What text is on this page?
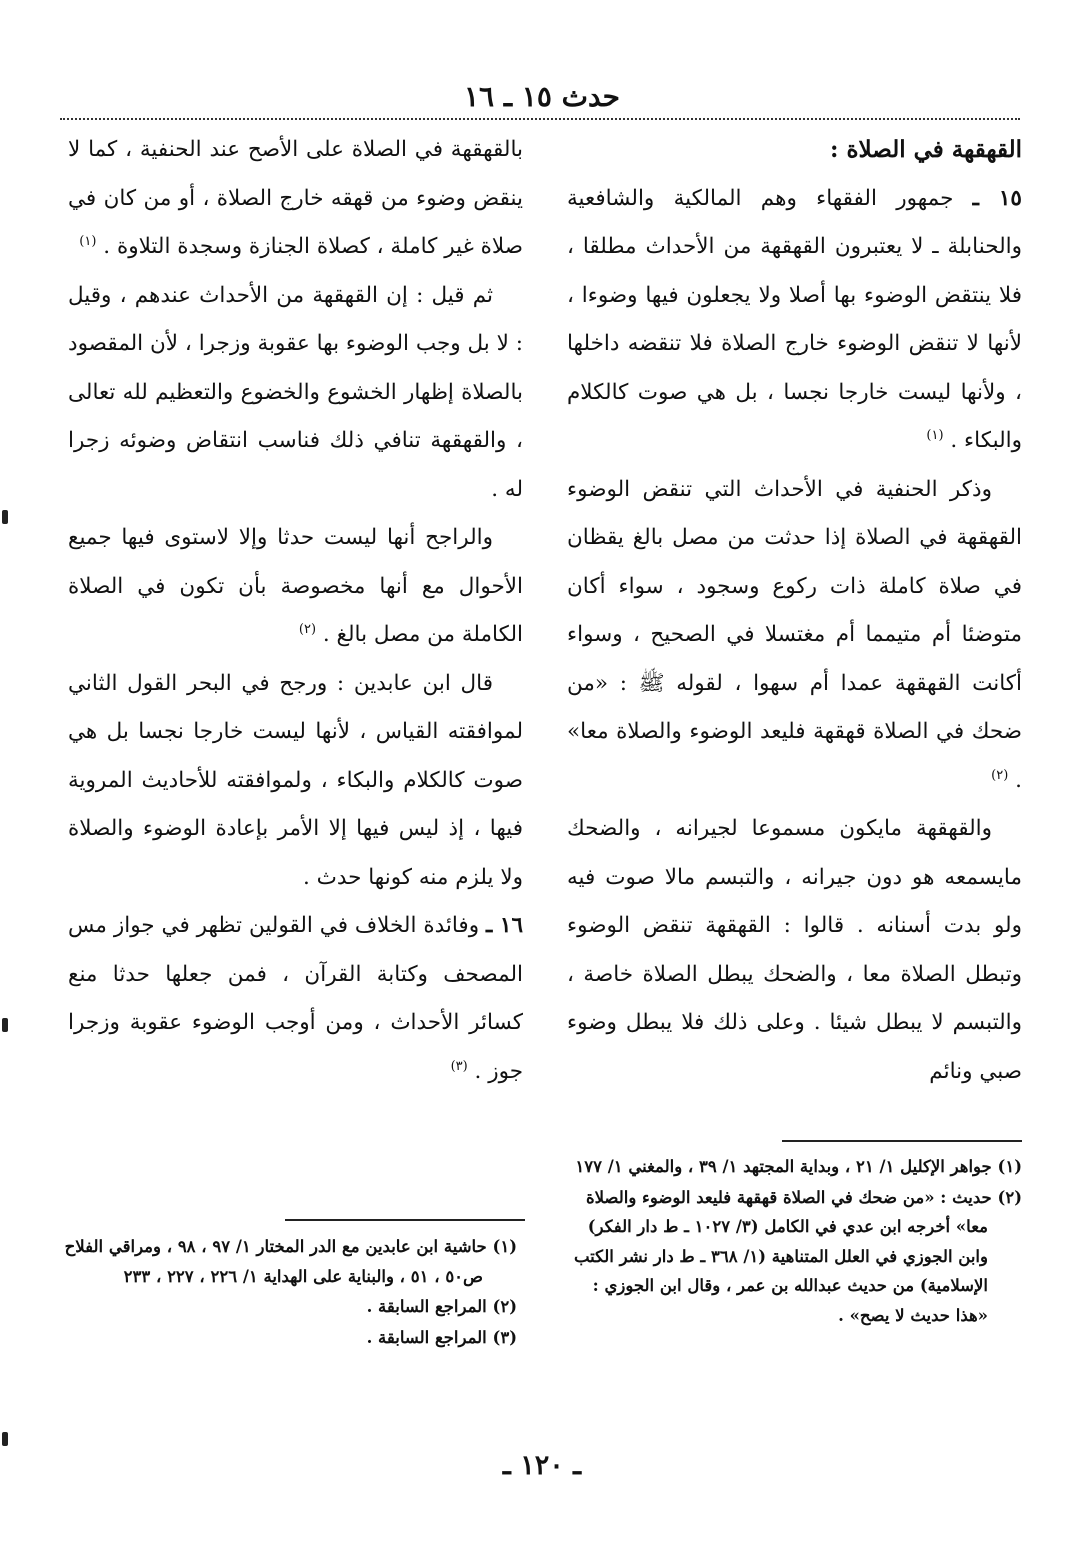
حدث ١٥ ـ ١٦

القهقهة في الصلاة :

١٥ ـ جمهور الفقهاء وهم المالكية والشافعية والحنابلة ـ لا يعتبرون القهقهة من الأحداث مطلقا ، فلا ينتقض الوضوء بها أصلا ولا يجعلون فيها وضوءا ، لأنها لا تنقض الوضوء خارج الصلاة فلا تنقضه داخلها ، ولأنها ليست خارجا نجسا ، بل هي صوت كالكلام والبكاء . $^{(١)}$

وذكر الحنفية في الأحداث التي تنقض الوضوء القهقهة في الصلاة إذا حدثت من مصل بالغ يقظان في صلاة كاملة ذات ركوع وسجود ، سواء أكان متوضئا أم متيمما أم مغتسلا في الصحيح ، وسواء أكانت القهقهة عمدا أم سهوا ، لقوله ﷺ : «من ضحك في الصلاة قهقهة فليعد الوضوء والصلاة معا» . $^{(٢)}$

والقهقهة مايكون مسموعا لجيرانه ، والضحك مايسمعه هو دون جيرانه ، والتبسم مالا صوت فيه ولو بدت أسنانه . قالوا : القهقهة تنقض الوضوء وتبطل الصلاة معا ، والضحك يبطل الصلاة خاصة ، والتبسم لا يبطل شيئا . وعلى ذلك فلا يبطل وضوء صبي ونائم

بالقهقهة في الصلاة على الأصح عند الحنفية ، كما لا ينقض وضوء من قهقه خارج الصلاة ، أو من كان في صلاة غير كاملة ، كصلاة الجنازة وسجدة التلاوة . $^{(١)}$

ثم قيل : إن القهقهة من الأحداث عندهم ، وقيل : لا بل وجب الوضوء بها عقوبة وزجرا ، لأن المقصود بالصلاة إظهار الخشوع والخضوع والتعظيم لله تعالى ، والقهقهة تنافي ذلك فناسب انتقاض وضوئه زجرا له .

والراجح أنها ليست حدثا وإلا لاستوى فيها جميع الأحوال مع أنها مخصوصة بأن تكون في الصلاة الكاملة من مصل بالغ . $^{(٢)}$

قال ابن عابدين : ورجح في البحر القول الثاني لموافقته القياس ، لأنها ليست خارجا نجسا بل هي صوت كالكلام والبكاء ، ولموافقته للأحاديث المروية فيها ، إذ ليس فيها إلا الأمر بإعادة الوضوء والصلاة ولا يلزم منه كونها حدث .

١٦ ـ وفائدة الخلاف في القولين تظهر في جواز مس المصحف وكتابة القرآن ، فمن جعلها حدثا منع كسائر الأحداث ، ومن أوجب الوضوء عقوبة وزجرا جوز . $^{(٣)}$

(١) جواهر الإكليل ١/ ٢١ ، وبداية المجتهد ١/ ٣٩ ، والمغني ١/ ١٧٧

(٢) حديث : «من ضحك في الصلاة قهقهة فليعد الوضوء والصلاة معا» أخرجه ابن عدي في الكامل (٣/ ١٠٢٧ ـ ط دار الفكر) وابن الجوزي في العلل المتناهية (١/ ٣٦٨ ـ ط دار نشر الكتب الإسلامية) من حديث عبدالله بن عمر ، وقال ابن الجوزي : «هذا حديث لا يصح» .

(١) حاشية ابن عابدين مع الدر المختار ١/ ٩٧ ، ٩٨ ، ومراقي الفلاح ص٥٠ ، ٥١ ، والبناية على الهداية ١/ ٢٢٦ ، ٢٢٧ ، ٢٣٣

(٢) المراجع السابقة .

(٣) المراجع السابقة .

ـ ١٢٠ ـ
